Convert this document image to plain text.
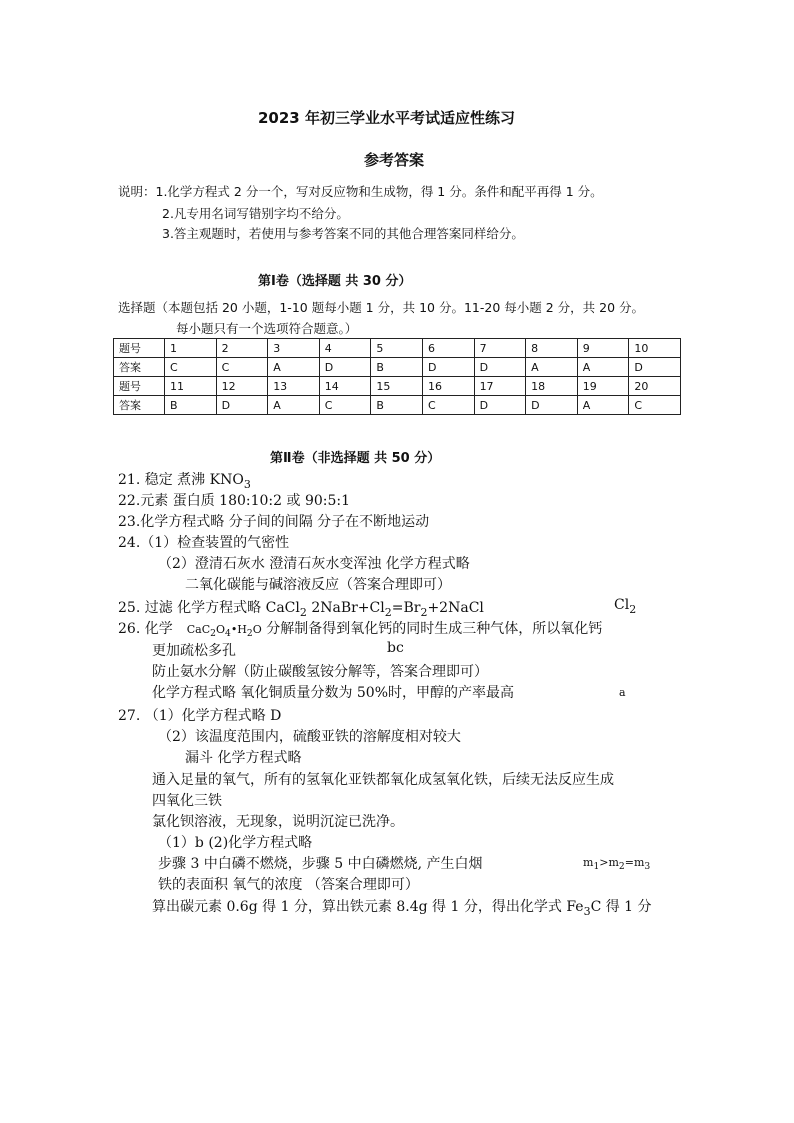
2023 年初三学业水平考试适应性练习
参考答案
说明：1.化学方程式 2 分一个，写对反应物和生成物，得 1 分。条件和配平再得 1 分。
2.凡专用名词写错别字均不给分。
3.答主观题时，若使用与参考答案不同的其他合理答案同样给分。
第Ⅰ卷（选择题 共 30 分）
选择题（本题包括 20 小题，1-10 题每小题 1 分，共 10 分。11-20 每小题 2 分，共 20 分。
每小题只有一个选项符合题意。）
题号	1	2	3	4	5	6	7	8	9	10
答案	C	C	A	D	B	D	D	A	A	D
题号	11	12	13	14	15	16	17	18	19	20
答案	B	D	A	C	B	C	D	D	A	C
第Ⅱ卷（非选择题 共 50 分）
21. 稳定 煮沸 $KNO_3$
22.元素 蛋白质 180:10:2 或 90:5:1
23.化学方程式略 分子间的间隔 分子在不断地运动
24.（1）检查装置的气密性
（2）澄清石灰水 澄清石灰水变浑浊 化学方程式略
二氧化碳能与碱溶液反应（答案合理即可）
25. 过滤 化学方程式略 CaCl$_2$ $2NaBr+Cl_2=Br_2+2NaCl$	$Cl_2$
26. 化学 $CaC_2O_4•H_2O$ 分解制备得到氧化钙的同时生成三种气体，所以氧化钙
更加疏松多孔	bc
防止氨水分解（防止碳酸氢铵分解等，答案合理即可）
化学方程式略 氧化铜质量分数为 50%时，甲醇的产率最高	a
27. （1）化学方程式略 D
（2）该温度范围内，硫酸亚铁的溶解度相对较大
漏斗 化学方程式略
通入足量的氧气，所有的氢氧化亚铁都氧化成氢氧化铁，后续无法反应生成
四氧化三铁
氯化钡溶液，无现象，说明沉淀已洗净。
（1）b (2)化学方程式略
步骤 3 中白磷不燃烧，步骤 5 中白磷燃烧, 产生白烟	$m_1>m_2=m_3$
铁的表面积 氧气的浓度 （答案合理即可）
算出碳元素 0.6g 得 1 分，算出铁元素 8.4g 得 1 分，得出化学式 $Fe_3C$ 得 1 分
